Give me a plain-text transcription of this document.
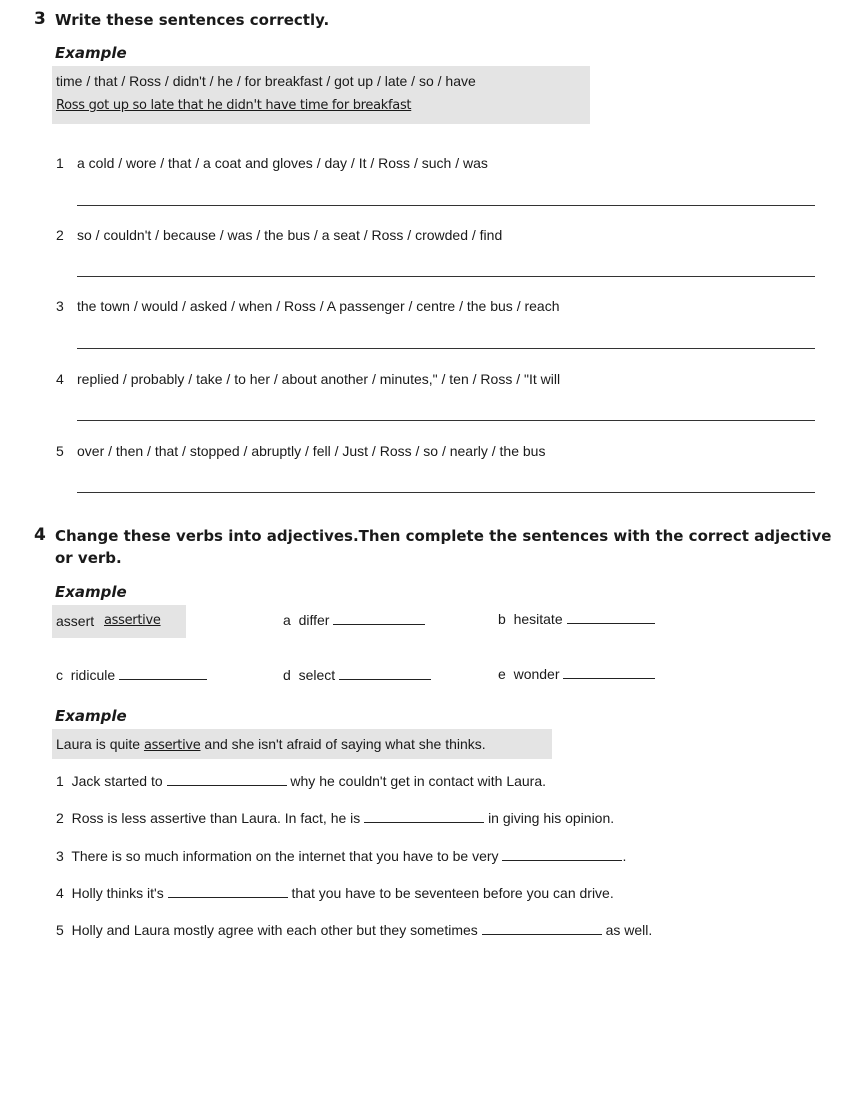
3 Write these sentences correctly.
Example
time / that / Ross / didn't / he / for breakfast / got up / late / so / have
Ross got up so late that he didn't have time for breakfast
1 a cold / wore / that / a coat and gloves / day / It / Ross / such / was
2 so / couldn't / because / was / the bus / a seat / Ross / crowded / find
3 the town / would / asked / when / Ross / A passenger / centre / the bus / reach
4 replied / probably / take / to her / about another / minutes," / ten / Ross / "It will
5 over / then / that / stopped / abruptly / fell / Just / Ross / so / nearly / the bus
4 Change these verbs into adjectives.Then complete the sentences with the correct adjective
or verb.
Example
assert assertive	a differ	b hesitate
c ridicule	d select	e wonder
Example
Laura is quite assertive and she isn't afraid of saying what she thinks.
1 Jack started to	why he couldn't get in contact with Laura.
2 Ross is less assertive than Laura. In fact, he is	in giving his opinion.
3 There is so much information on the internet that you have to be very	.
4 Holly thinks it's	that you have to be seventeen before you can drive.
5 Holly and Laura mostly agree with each other but they sometimes	as well.
